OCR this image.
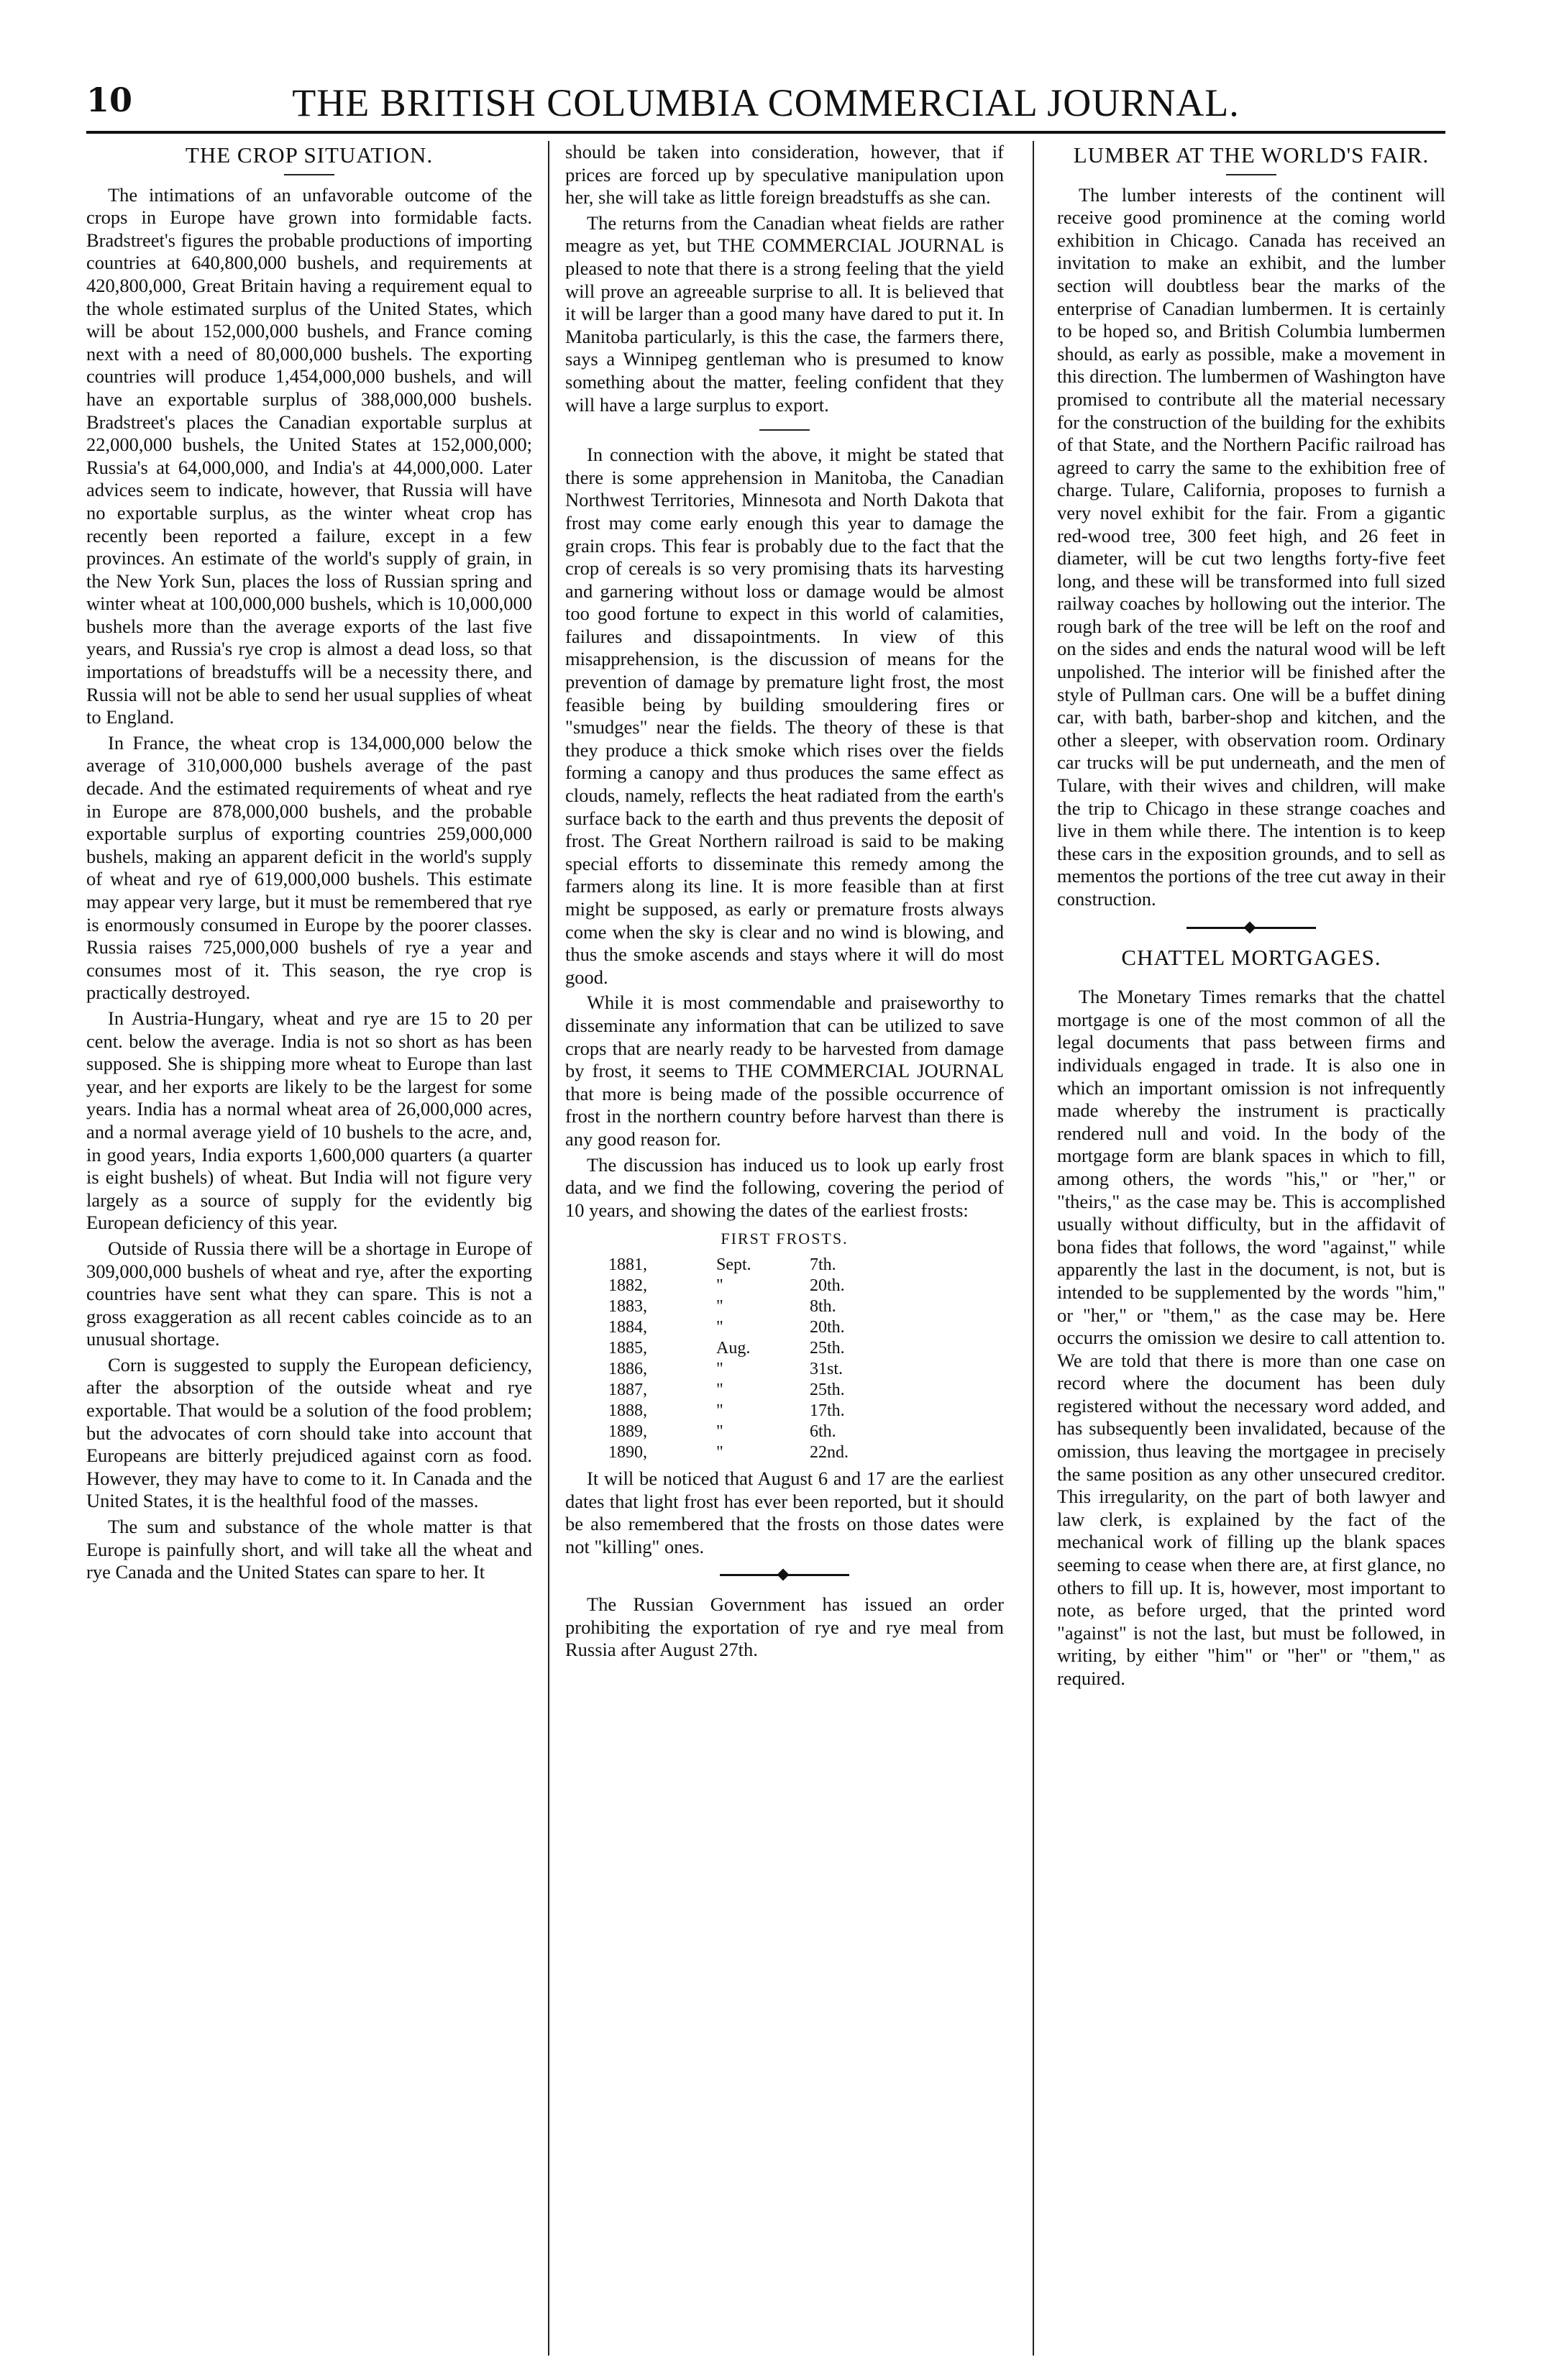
10	THE BRITISH COLUMBIA COMMERCIAL JOURNAL.
THE CROP SITUATION.

The intimations of an unfavorable outcome of the crops in Europe have grown into formidable facts. Bradstreet's figures the probable productions of importing countries at 640,800,000 bushels, and requirements at 420,800,000, Great Britain having a requirement equal to the whole estimated surplus of the United States, which will be about 152,000,000 bushels, and France coming next with a need of 80,000,000 bushels. The exporting countries will produce 1,454,000,000 bushels, and will have an exportable surplus of 388,000,000 bushels. Bradstreet's places the Canadian exportable surplus at 22,000,000 bushels, the United States at 152,000,000; Russia's at 64,000,000, and India's at 44,000,000. Later advices seem to indicate, however, that Russia will have no exportable surplus, as the winter wheat crop has recently been reported a failure, except in a few provinces. An estimate of the world's supply of grain, in the New York Sun, places the loss of Russian spring and winter wheat at 100,000,000 bushels, which is 10,000,000 bushels more than the average exports of the last five years, and Russia's rye crop is almost a dead loss, so that importations of breadstuffs will be a necessity there, and Russia will not be able to send her usual supplies of wheat to England.

In France, the wheat crop is 134,000,000 below the average of 310,000,000 bushels average of the past decade. And the estimated requirements of wheat and rye in Europe are 878,000,000 bushels, and the probable exportable surplus of exporting countries 259,000,000 bushels, making an apparent deficit in the world's supply of wheat and rye of 619,000,000 bushels. This estimate may appear very large, but it must be remembered that rye is enormously consumed in Europe by the poorer classes. Russia raises 725,000,000 bushels of rye a year and consumes most of it. This season, the rye crop is practically destroyed.

In Austria-Hungary, wheat and rye are 15 to 20 per cent. below the average. India is not so short as has been supposed. She is shipping more wheat to Europe than last year, and her exports are likely to be the largest for some years. India has a normal wheat area of 26,000,000 acres, and a normal average yield of 10 bushels to the acre, and, in good years, India exports 1,600,000 quarters (a quarter is eight bushels) of wheat. But India will not figure very largely as a source of supply for the evidently big European deficiency of this year.

Outside of Russia there will be a shortage in Europe of 309,000,000 bushels of wheat and rye, after the exporting countries have sent what they can spare. This is not a gross exaggeration as all recent cables coincide as to an unusual shortage.

Corn is suggested to supply the European deficiency, after the absorption of the outside wheat and rye exportable. That would be a solution of the food problem; but the advocates of corn should take into account that Europeans are bitterly prejudiced against corn as food. However, they may have to come to it. In Canada and the United States, it is the healthful food of the masses.

The sum and substance of the whole matter is that Europe is painfully short, and will take all the wheat and rye Canada and the United States can spare to her. It

should be taken into consideration, however, that if prices are forced up by speculative manipulation upon her, she will take as little foreign breadstuffs as she can.

The returns from the Canadian wheat fields are rather meagre as yet, but THE COMMERCIAL JOURNAL is pleased to note that there is a strong feeling that the yield will prove an agreeable surprise to all. It is believed that it will be larger than a good many have dared to put it. In Manitoba particularly, is this the case, the farmers there, says a Winnipeg gentleman who is presumed to know something about the matter, feeling confident that they will have a large surplus to export.

In connection with the above, it might be stated that there is some apprehension in Manitoba, the Canadian Northwest Territories, Minnesota and North Dakota that frost may come early enough this year to damage the grain crops. This fear is probably due to the fact that the crop of cereals is so very promising thats its harvesting and garnering without loss or damage would be almost too good fortune to expect in this world of calamities, failures and dissapointments. In view of this misapprehension, is the discussion of means for the prevention of damage by premature light frost, the most feasible being by building smouldering fires or "smudges" near the fields. The theory of these is that they produce a thick smoke which rises over the fields forming a canopy and thus produces the same effect as clouds, namely, reflects the heat radiated from the earth's surface back to the earth and thus prevents the deposit of frost. The Great Northern railroad is said to be making special efforts to disseminate this remedy among the farmers along its line. It is more feasible than at first might be supposed, as early or premature frosts always come when the sky is clear and no wind is blowing, and thus the smoke ascends and stays where it will do most good.

While it is most commendable and praiseworthy to disseminate any information that can be utilized to save crops that are nearly ready to be harvested from damage by frost, it seems to THE COMMERCIAL JOURNAL that more is being made of the possible occurrence of frost in the northern country before harvest than there is any good reason for.

The discussion has induced us to look up early frost data, and we find the following, covering the period of 10 years, and showing the dates of the earliest frosts:

FIRST FROSTS.
1881,	Sept.	7th.
1882,	"	20th.
1883,	"	8th.
1884,	"	20th.
1885,	Aug.	25th.
1886,	"	31st.
1887,	"	25th.
1888,	"	17th.
1889,	"	6th.
1890,	"	22nd.

It will be noticed that August 6 and 17 are the earliest dates that light frost has ever been reported, but it should be also remembered that the frosts on those dates were not "killing" ones.

The Russian Government has issued an order prohibiting the exportation of rye and rye meal from Russia after August 27th.

LUMBER AT THE WORLD'S FAIR.

The lumber interests of the continent will receive good prominence at the coming world exhibition in Chicago. Canada has received an invitation to make an exhibit, and the lumber section will doubtless bear the marks of the enterprise of Canadian lumbermen. It is certainly to be hoped so, and British Columbia lumbermen should, as early as possible, make a movement in this direction. The lumbermen of Washington have promised to contribute all the material necessary for the construction of the building for the exhibits of that State, and the Northern Pacific railroad has agreed to carry the same to the exhibition free of charge. Tulare, California, proposes to furnish a very novel exhibit for the fair. From a gigantic red-wood tree, 300 feet high, and 26 feet in diameter, will be cut two lengths forty-five feet long, and these will be transformed into full sized railway coaches by hollowing out the interior. The rough bark of the tree will be left on the roof and on the sides and ends the natural wood will be left unpolished. The interior will be finished after the style of Pullman cars. One will be a buffet dining car, with bath, barber-shop and kitchen, and the other a sleeper, with observation room. Ordinary car trucks will be put underneath, and the men of Tulare, with their wives and children, will make the trip to Chicago in these strange coaches and live in them while there. The intention is to keep these cars in the exposition grounds, and to sell as mementos the portions of the tree cut away in their construction.

CHATTEL MORTGAGES.

The Monetary Times remarks that the chattel mortgage is one of the most common of all the legal documents that pass between firms and individuals engaged in trade. It is also one in which an important omission is not infrequently made whereby the instrument is practically rendered null and void. In the body of the mortgage form are blank spaces in which to fill, among others, the words "his," or "her," or "theirs," as the case may be. This is accomplished usually without difficulty, but in the affidavit of bona fides that follows, the word "against," while apparently the last in the document, is not, but is intended to be supplemented by the words "him," or "her," or "them," as the case may be. Here occurrs the omission we desire to call attention to. We are told that there is more than one case on record where the document has been duly registered without the necessary word added, and has subsequently been invalidated, because of the omission, thus leaving the mortgagee in precisely the same position as any other unsecured creditor. This irregularity, on the part of both lawyer and law clerk, is explained by the fact of the mechanical work of filling up the blank spaces seeming to cease when there are, at first glance, no others to fill up. It is, however, most important to note, as before urged, that the printed word "against" is not the last, but must be followed, in writing, by either "him" or "her" or "them," as required.
